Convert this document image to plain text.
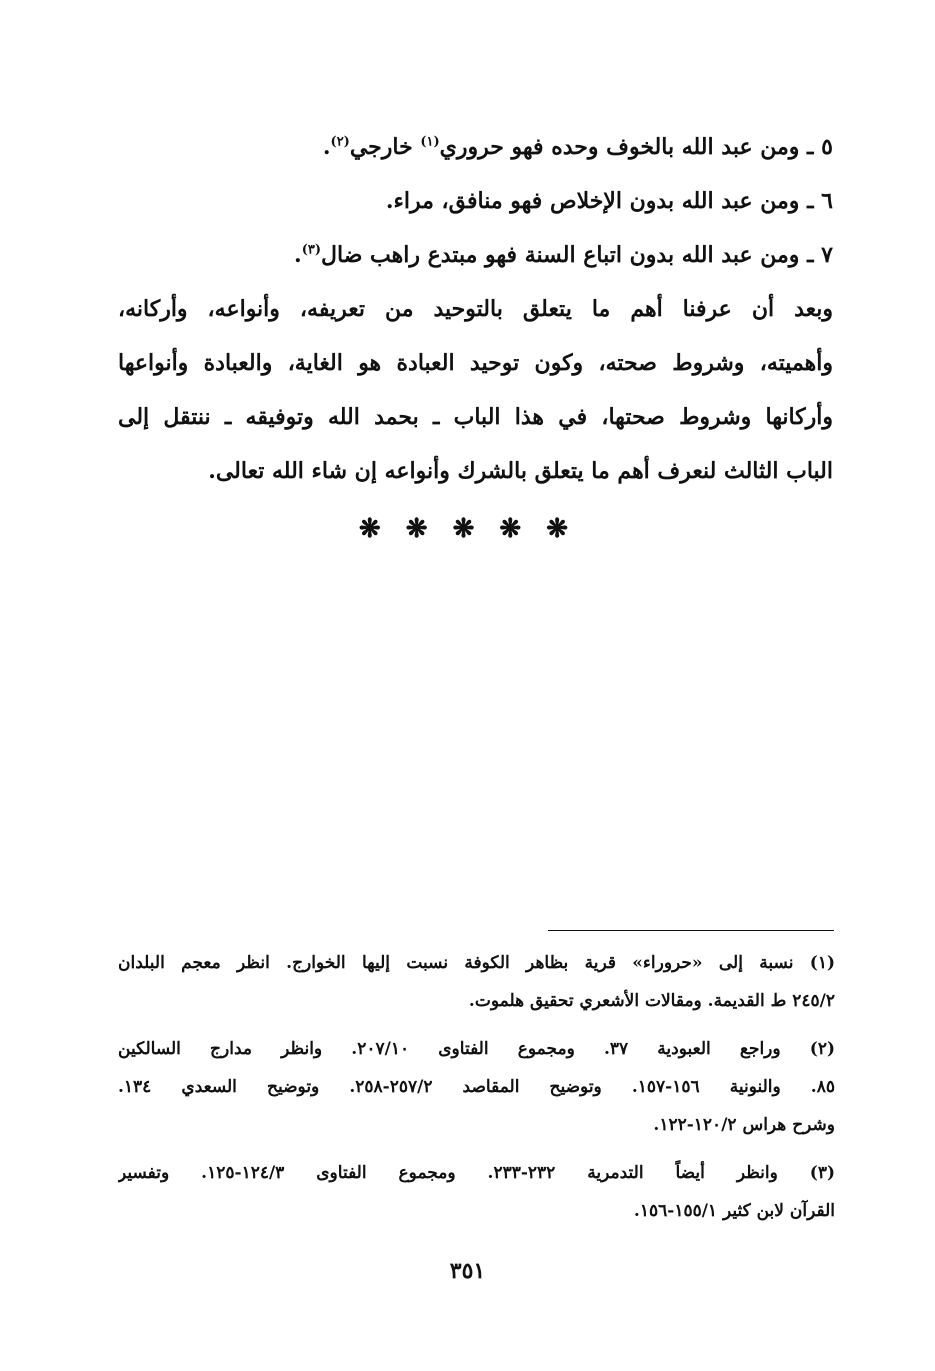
٥ ـ ومن عبد الله بالخوف وحده فهو حروري$^{(١)}$ خارجي$^{(٢)}$.
٦ ـ ومن عبد الله بدون الإخلاص فهو منافق، مراء.
٧ ـ ومن عبد الله بدون اتباع السنة فهو مبتدع راهب ضال$^{(٣)}$.
وبعد أن عرفنا أهم ما يتعلق بالتوحيد من تعريفه، وأنواعه، وأركانه،
وأهميته، وشروط صحته، وكون توحيد العبادة هو الغاية، والعبادة وأنواعها
وأركانها وشروط صحتها، في هذا الباب ـ بحمد الله وتوفيقه ـ ننتقل إلى
الباب الثالث لنعرف أهم ما يتعلق بالشرك وأنواعه إن شاء الله تعالى.
❋ ❋ ❋ ❋ ❋
(١) نسبة إلى «حروراء» قرية بظاهر الكوفة نسبت إليها الخوارج. انظر معجم البلدان
٢٤٥/٢ ط القديمة. ومقالات الأشعري تحقيق هلموت.
(٢) وراجع العبودية ٣٧. ومجموع الفتاوى ٢٠٧/١٠. وانظر مدارج السالكين
٨٥. والنونية ١٥٦-١٥٧. وتوضيح المقاصد ٢٥٧/٢-٢٥٨. وتوضيح السعدي ١٣٤.
وشرح هراس ١٢٠/٢-١٢٢.
(٣) وانظر أيضاً التدمرية ٢٣٢-٢٣٣. ومجموع الفتاوى ١٢٤/٣-١٢٥. وتفسير
القرآن لابن كثير ١٥٥/١-١٥٦.
٣٥١
